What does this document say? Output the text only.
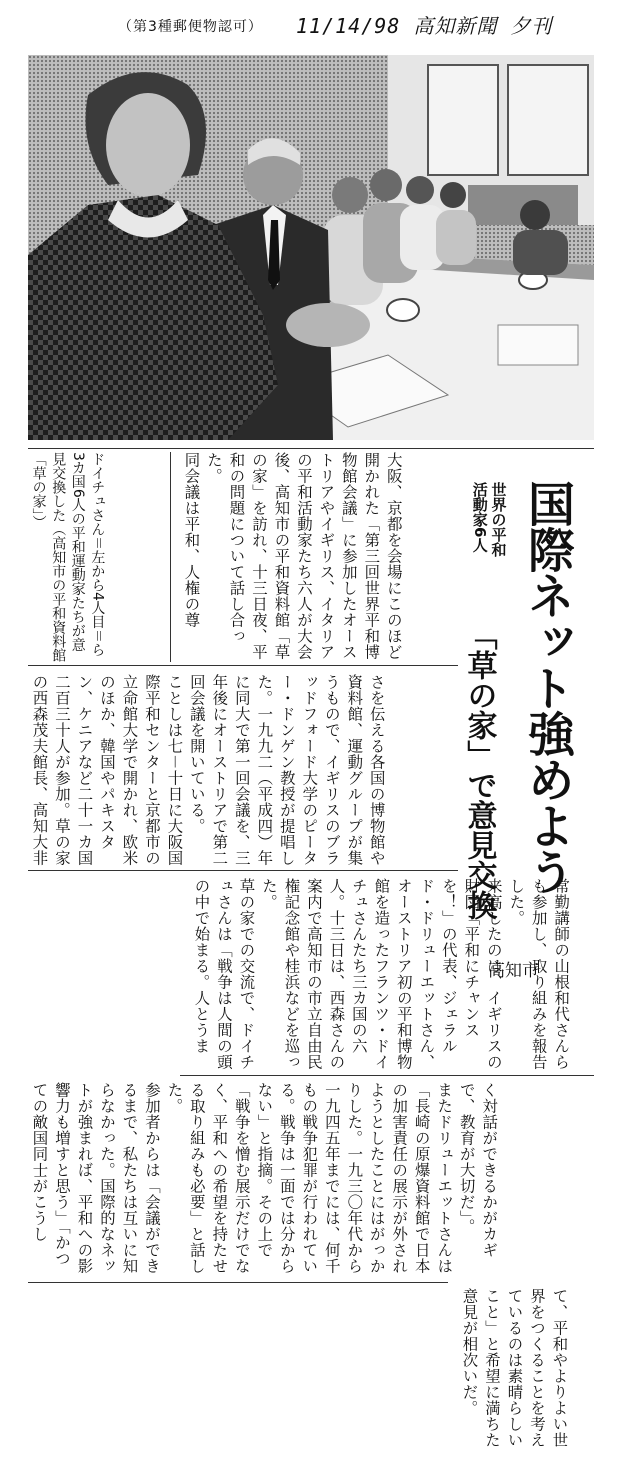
（第3種郵便物認可） 11/14/98 高知新聞 夕刊
国際ネット強めよう
世界の平和
活動家6人
「草の家」で意見交換
高知市
ドイチュさん＝左から4人目＝ら3カ国6人の平和運動家たちが意見交換した（高知市の平和資料館「草の家」）	大阪、京都を会場にこのほど開かれた「第三回世界平和博物館会議」に参加したオーストリアやイギリス、イタリアの平和活動家たち六人が大会後、高知市の平和資料館「草の家」を訪れ、十三日夜、平和の問題について話し合った。
同会議は平和、人権の尊
さを伝える各国の博物館や資料館、運動グループが集うもので、イギリスのブラッドフォード大学のピーター・ドンゲン教授が提唱した。一九九二（平成四）年に同大で第一回会議を、三年後にオーストリアで第二回会議を開いている。
ことしは七－十日に大阪国際平和センターと京都市の立命館大学で開かれ、欧米のほか、韓国やパキスタン、ケニアなど二十一カ国二百三十人が参加。草の家の西森茂夫館長、高知大非
常勤講師の山根和代さんらも参加し、取り組みを報告した。
来高したのは、イギリスの財団「平和にチャンスを！」の代表、ジェラルド・ドリューエットさん、オーストリア初の平和博物館を造ったフランツ・ドイチュさんたち三カ国の六人。十三日は、西森さんの案内で高知市の市立自由民権記念館や桂浜などを巡った。
草の家での交流で、ドイチュさんは「戦争は人間の頭の中で始まる。人とうま
く対話ができるかがカギで、教育が大切だ」。
またドリューエットさんは「長崎の原爆資料館で日本の加害責任の展示が外されようとしたことにはがっかりした。一九三〇年代から一九四五年までには、何千もの戦争犯罪が行われている。戦争は一面では分からない」と指摘。その上で「戦争を憎む展示だけでなく、平和への希望を持たせる取り組みも必要」と話した。
参加者からは「会議ができるまで、私たちは互いに知らなかった。国際的なネットが強まれば、平和への影響力も増すと思う」「かつての敵国同士がこうし
て、平和やよりよい世界をつくることを考えているのは素晴らしいこと」と希望に満ちた意見が相次いだ。
